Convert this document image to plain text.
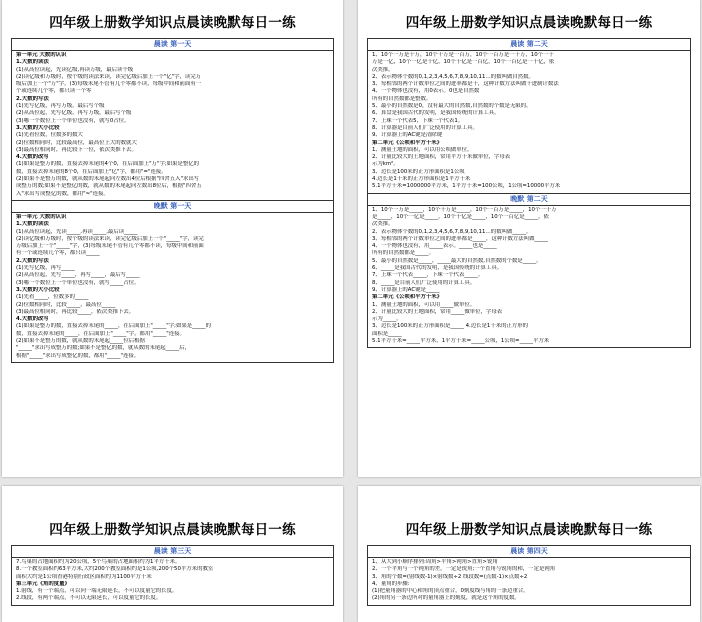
四年级上册数学知识点晨读晚默每日一练
晨读 第一天
第一单元 大数的认识
1.大数的读法
(1)从高位读起，先读亿级,再读万级，最后读个级
(2)读亿级和万级时，按个级的读法来读，读完亿级后加上一个"亿"字，读完万
级后加上一个"万"字，(3)每级末尾不管有几个零都不读，每级中间和前面有一
个或连续几个零，都只读一个零
2.大数的写法
(1)先写亿级，再写万级，最后写个级
(2)从高位起，先写亿级，再写万级，最后写个级
(3)哪一个数位上一个单位也没有，就写0占位。
3.大数的大小比较
(1)先看位数，位数多的数大
(2)位数相同时，比较最高位，最高位上大的数就大
(3)最高位相同时，再比较下一位，依次类推下去。
4.大数的改写
(1)如果是整万的数，直接去掉末尾的4个0，在后面加上"万"字;如果是整亿的
数，直接去掉末尾的8个0，在后面加上"亿"字，都用"="连接。
(2)如果不是整万的数，就从数的末尾起向左数出4位后根据"四舍五入"求出写
成整万的数;如果不是整亿的数，就从数的末尾起向左数出8位后，根据"四舍五
入"求出写成整亿的数，都用"≈"连接。
晚默 第一天
第一单元 大数的认识
1.大数的读法
(1)从高位读起，先读_____,再读_____,最后读_____
(2)读亿级和万级时，按个级的读法来读，读完亿级后加上一个"_____"字，读完
万级后加上一个"_____"字，(3)每级末尾不管有几个零都不读，每级中间和前面
有一个或连续几个零，都只读_____
2.大数的写法
(1)先写亿级，再写_____
(2)从高位起，先写_____，再写_____，最后写_____
(3)哪一个数位上一个单位也没有，就写_____占位。
3.大数的大小比较
(1)先看_____，位数多的_____
(2)位数相同时，比较_____，最高位_____
(3)最高位相同时，再比较_____，依次类推下去。
4.大数的改写
(1)如果是整万的数，直接去掉末尾的_____，在后面加上"_____"字;如果是_____的
数，直接去掉末尾的_____，在后面加上"_____"字，都用"_____"连接。
(2)如果不是整万的数，就从数的末尾起_____位后根据
"_____"求出写成整万的数;如果不是整亿的数，就从数的末尾起_____后，
根据"_____"求出写成整亿的数，都用"_____"连接。
四年级上册数学知识点晨读晚默每日一练
晨读 第二天
1、10个一万是十万，10个十万是一百万，10个一百万是一千万，10个一千
万是一亿，10个一亿是十亿，10个十亿是一百亿，10个一百亿是一千亿，依
次类推。
2、表示物体个数的0,1,2,3,4,5,6,7,8,9,10,11…的数叫做自然数。
3、每相邻的两个计数单位之间的进率都是十，这种计数方法叫做十进制计数法
4、一个物体也没有，用0表示。0也是自然数
所有的自然数都是整数。
5、最小的自然数是0，没有最大的自然数,自然数的个数是无限的。
6、算盘是我国古代的发明，是我国传统的计算工具。
7、上珠一个代表5，下珠一个代表1。
8、计算器是目前人们广泛使用的计算工具。
9、计算器上的AC键是清除键
第二单元《公顷和平方千米》
1、测量土地的面积，可以用公顷做单位。
2、计量比较大的土地面积，常用平方千米做单位，字母表
示为km²。
3、边长是100米的正方形面积是1公顷
4.边长是1千米的正方形面积是1平方千米
5.1平方千米=1000000平方米，1平方千米=100公顷，1公顷=10000平方米
晚默 第二天
1、10个一万是_____，10个十万是_____，10个一百万是_____，10个一千万
是_____，10个一亿是_____，10个十亿是_____，10个一百亿是_____，依
次类推。
2、表示物体个数的0,1,2,3,4,5,6,7,8,9,10,11…的数叫做_____。
3、每相邻的两个计数单位之间的进率都是_____，这种计数方法叫做_____
4、一个物体也没有，用_____表示。_____也是_____
所有的自然数都是_____。
5、最小的自然数是_____，_____最大的自然数,自然数的个数是_____。
6、_____是我国古代的发明，是我国传统的计算工具。
7、上珠一个代表_____，下珠一个代表_____。
8、_____是目前人们广泛使用的计算工具。
9、计算器上的AC键是_____
第二单元《公顷和平方千米》
1、测量土地的面积，可以用_____做单位。
2、计量比较大的土地面积，常用_____做单位，字母表
示为_____。
3、边长是100米的正方形面积是_____ 4.边长是1千米的正方形的
面积是_____
5.1平方千米=_____平方米，1平方千米=_____公顷，1公顷=_____平方米
四年级上册数学知识点晨读晚默每日一练
晨读 第三天
7.鸟巢的占地面积约为20公顷，5个鸟巢的占地面积约为1平方千米。
8.一个教室面积约63平方米,大约200个教室面积约是1公顷,200个50平方米的教室
面积大约是1公顷香港特别行政区面积约为1100平方千米
第三单元《角的度量》
1.射线，有一个端点，可以向一端无限延长，不可以度量它的长度。
2.线段，有两个端点，不可以无限延长，可以度量它的长度。
四年级上册数学知识点晨读晚默每日一练
晨读 第四天
1、从大到小顺序排列:周角>平角>钝角>直角>锐角
2、一个平角与一个钝角的差，一定是锐角;一个直角与锐角的和，一定是钝角
3、角的个数=(射线数-1)×射线数÷2 线段数=(点数-1)×点数÷2
4、量角的步骤:
(1)把量角器的中心和角的顶点重合，0刻度线与角的一条边重合。
(2)角的另一条边所对的量角器上的刻度，就是这个角的度数。
